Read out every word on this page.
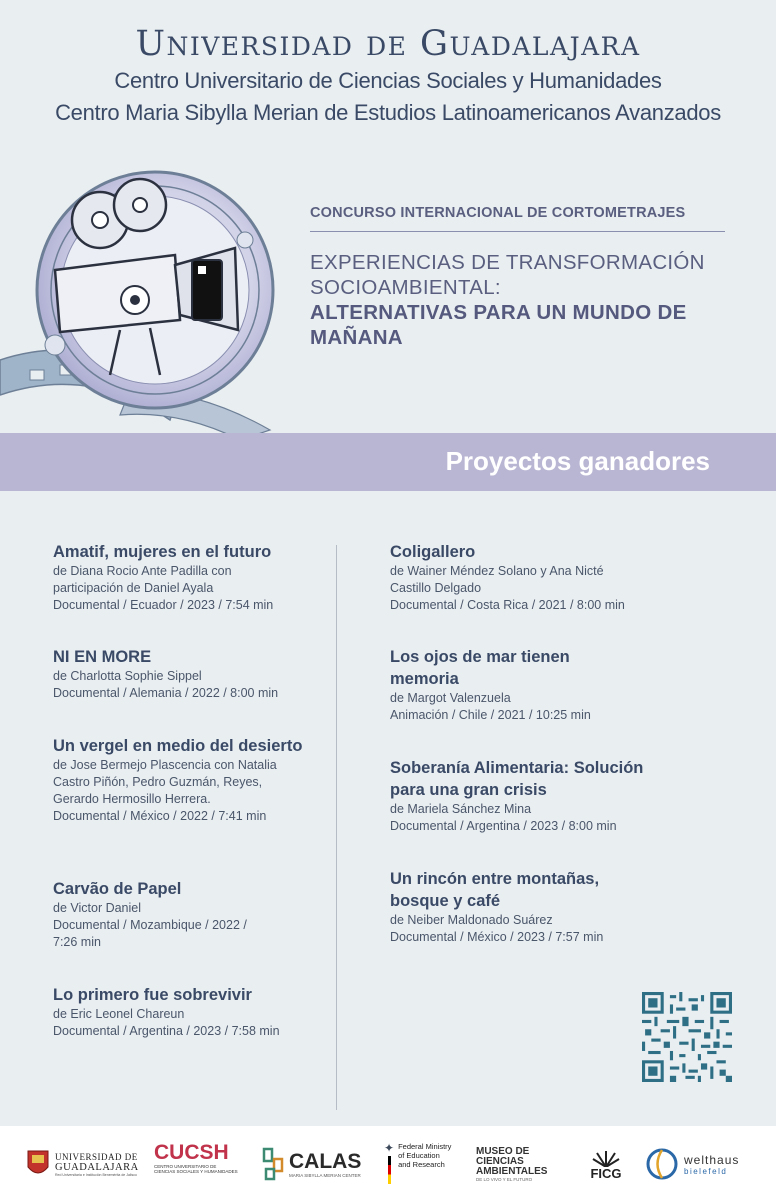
Universidad de Guadalajara
Centro Universitario de Ciencias Sociales y Humanidades
Centro Maria Sibylla Merian de Estudios Latinoamericanos Avanzados
CONCURSO INTERNACIONAL DE CORTOMETRAJES
EXPERIENCIAS DE TRANSFORMACIÓN SOCIOAMBIENTAL:
ALTERNATIVAS PARA UN MUNDO DE MAÑANA
Proyectos ganadores
Amatif, mujeres en el futuro
de Diana Rocio Ante Padilla con
participación de Daniel Ayala
Documental / Ecuador / 2023 / 7:54 min
NI EN MORE
de Charlotta Sophie Sippel
Documental / Alemania / 2022 / 8:00 min
Un vergel en medio del desierto
de Jose Bermejo Plascencia con Natalia
Castro Piñón, Pedro Guzmán, Reyes,
Gerardo Hermosillo Herrera.
Documental / México / 2022 / 7:41 min
Carvão de Papel
de Victor Daniel
Documental / Mozambique / 2022 /
7:26 min
Lo primero fue sobrevivir
de Eric Leonel Chareun
Documental / Argentina / 2023 / 7:58 min
Coligallero
de Wainer Méndez Solano y Ana Nicté
Castillo Delgado
Documental / Costa Rica / 2021 / 8:00 min
Los ojos de mar tienen memoria
de Margot Valenzuela
Animación / Chile / 2021 / 10:25 min
Soberanía Alimentaria: Solución para una gran crisis
de Mariela Sánchez Mina
Documental / Argentina / 2023 / 8:00 min
Un rincón entre montañas, bosque y café
de Neiber Maldonado Suárez
Documental / México / 2023 / 7:57 min
UNIVERSIDAD DE
GUADALAJARA
Red Universitaria e Institución Benemérita de Jalisco
CUCSH
CENTRO UNIVERSITARIO DE
CIENCIAS SOCIALES Y HUMANIDADES CALAS
MARIA SIBYLLA MERIAN CENTER
✦ Federal Ministry
of Education
and Research
MUSEO DE
CIENCIAS
AMBIENTALES
DE LO VIVO Y EL FUTURO	FICG
welthaus
bielefeld
